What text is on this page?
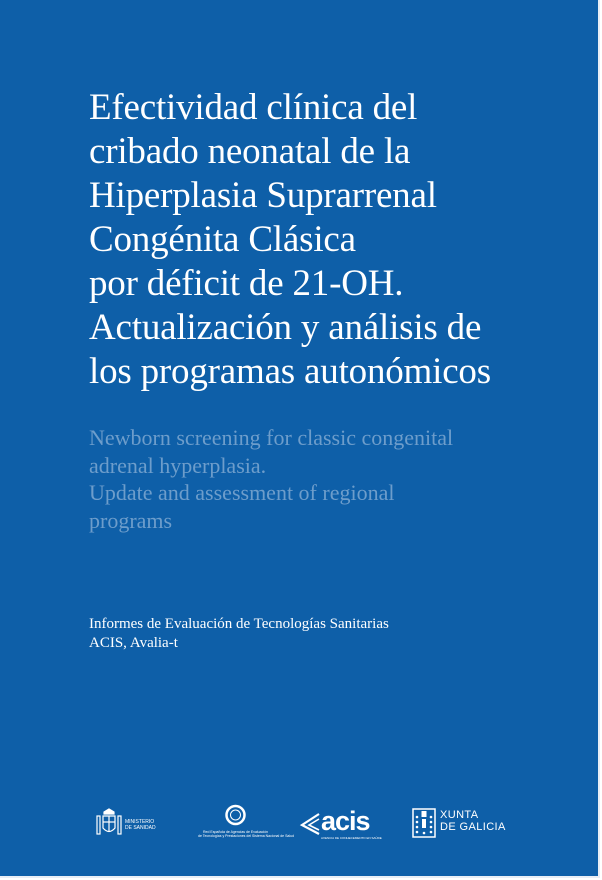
Efectividad clínica del
cribado neonatal de la
Hiperplasia Suprarrenal
Congénita Clásica
por déficit de 21-OH.
Actualización y análisis de
los programas autonómicos

Newborn screening for classic congenital
adrenal hyperplasia.
Update and assessment of regional
programs

Informes de Evaluación de Tecnologías Sanitarias
ACIS, Avalia-t
MINISTERIO
DE SANIDAD
Red Española de Agencias de Evaluación
de Tecnologías y Prestaciones del Sistema Nacional de Salud acis
AXENCIA DE CONHECEMENTO EN SAÚDE
XUNTA
DE GALICIA
